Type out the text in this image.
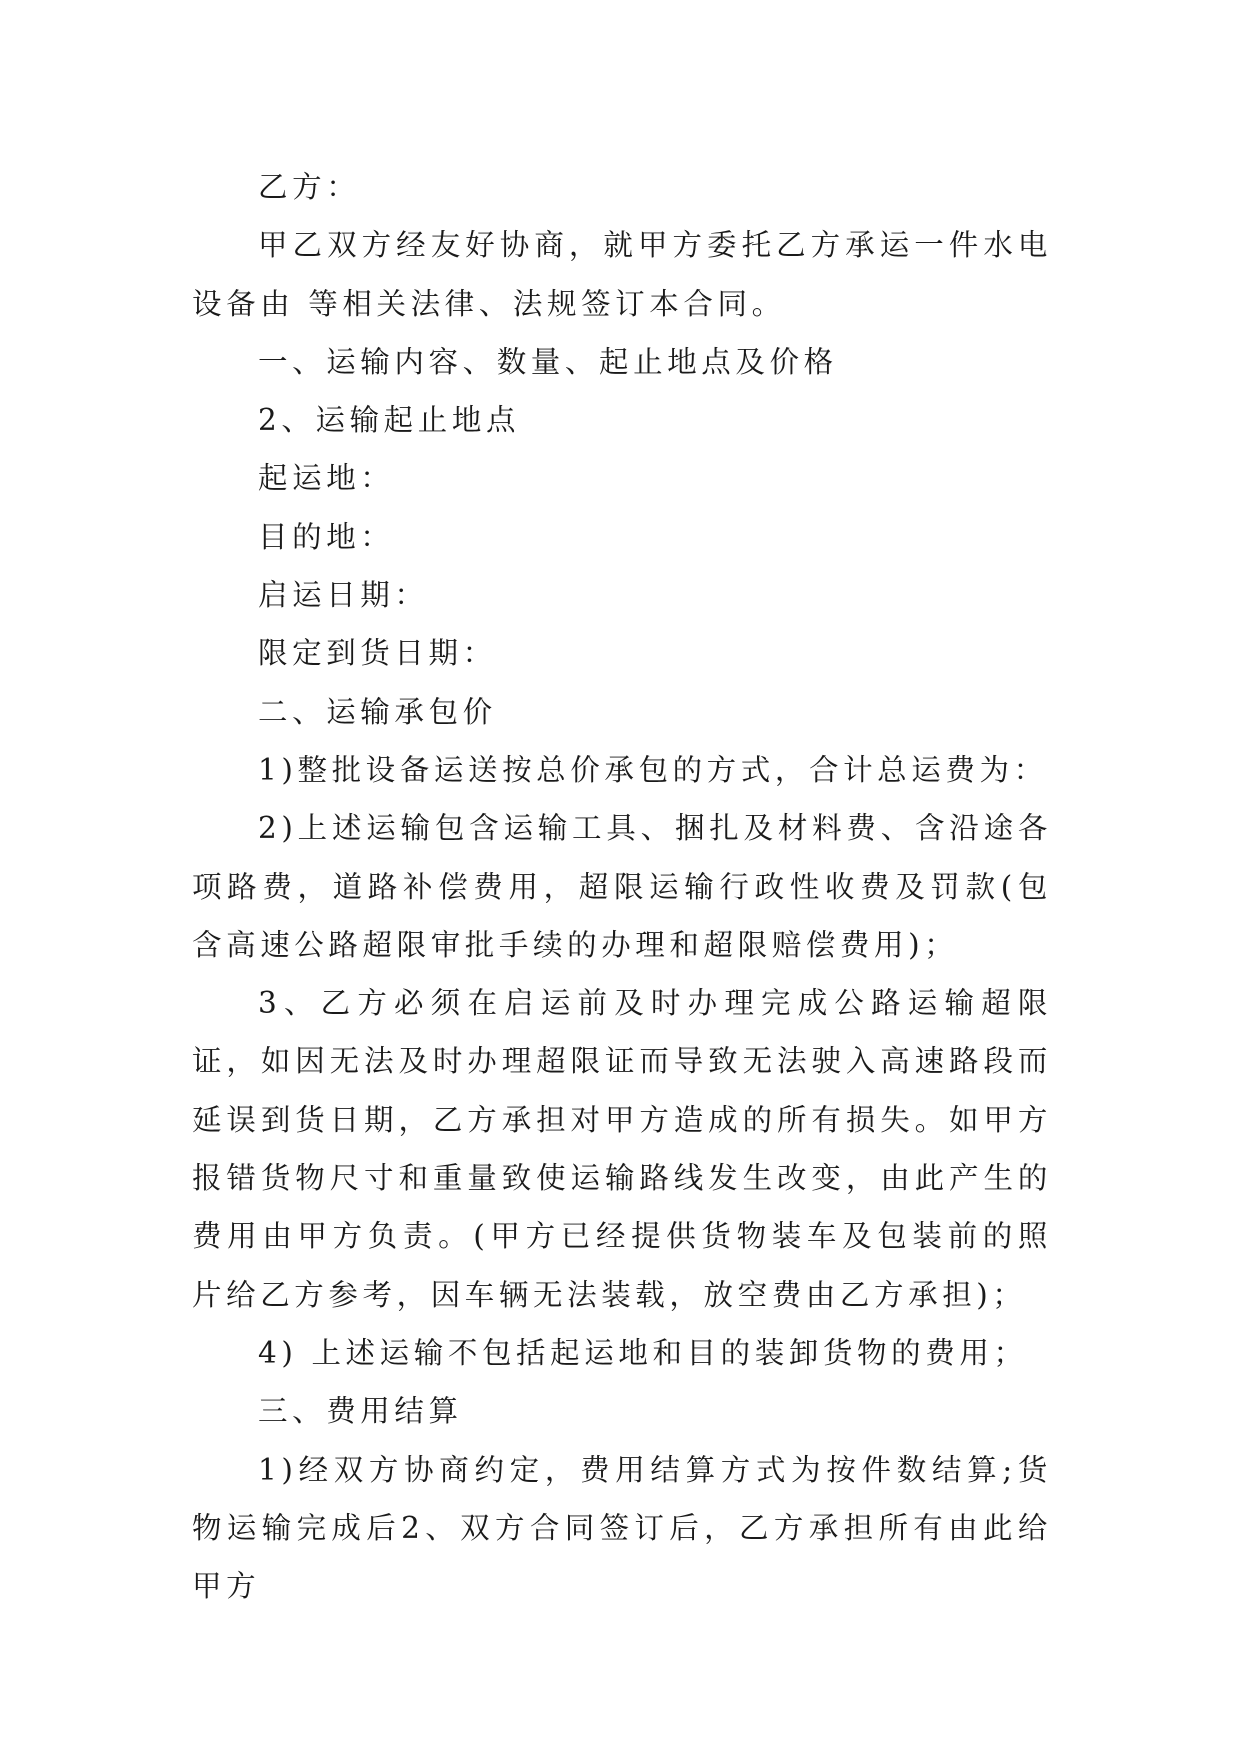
乙方：

甲乙双方经友好协商，就甲方委托乙方承运一件水电设备由 等相关法律、法规签订本合同。

一、运输内容、数量、起止地点及价格

2、运输起止地点

起运地：

目的地：

启运日期：

限定到货日期：

二、运输承包价

1)整批设备运送按总价承包的方式，合计总运费为：

2)上述运输包含运输工具、捆扎及材料费、含沿途各项路费，道路补偿费用，超限运输行政性收费及罚款(包含高速公路超限审批手续的办理和超限赔偿费用)；

3、乙方必须在启运前及时办理完成公路运输超限证，如因无法及时办理超限证而导致无法驶入高速路段而延误到货日期，乙方承担对甲方造成的所有损失。如甲方报错货物尺寸和重量致使运输路线发生改变，由此产生的费用由甲方负责。(甲方已经提供货物装车及包装前的照片给乙方参考，因车辆无法装载，放空费由乙方承担)；

4) 上述运输不包括起运地和目的装卸货物的费用；

三、费用结算

1)经双方协商约定，费用结算方式为按件数结算;货物运输完成后2、双方合同签订后，乙方承担所有由此给甲方
